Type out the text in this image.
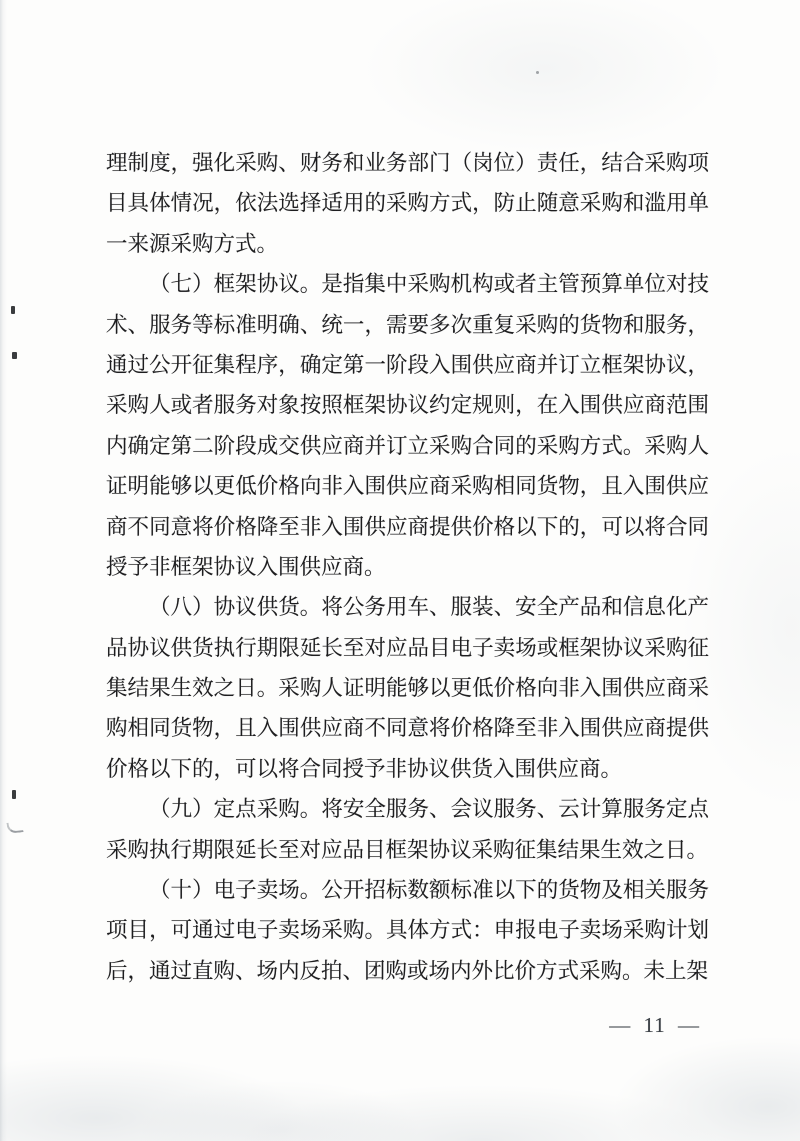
理制度，强化采购、财务和业务部门（岗位）责任，结合采购项
目具体情况，依法选择适用的采购方式，防止随意采购和滥用单
一来源采购方式。
（七）框架协议。是指集中采购机构或者主管预算单位对技
术、服务等标准明确、统一，需要多次重复采购的货物和服务，
通过公开征集程序，确定第一阶段入围供应商并订立框架协议，
采购人或者服务对象按照框架协议约定规则，在入围供应商范围
内确定第二阶段成交供应商并订立采购合同的采购方式。采购人
证明能够以更低价格向非入围供应商采购相同货物，且入围供应
商不同意将价格降至非入围供应商提供价格以下的，可以将合同
授予非框架协议入围供应商。
（八）协议供货。将公务用车、服装、安全产品和信息化产
品协议供货执行期限延长至对应品目电子卖场或框架协议采购征
集结果生效之日。采购人证明能够以更低价格向非入围供应商采
购相同货物，且入围供应商不同意将价格降至非入围供应商提供
价格以下的，可以将合同授予非协议供货入围供应商。
（九）定点采购。将安全服务、会议服务、云计算服务定点
采购执行期限延长至对应品目框架协议采购征集结果生效之日。
（十）电子卖场。公开招标数额标准以下的货物及相关服务
项目，可通过电子卖场采购。具体方式：申报电子卖场采购计划
后，通过直购、场内反拍、团购或场内外比价方式采购。未上架
— 11 —
